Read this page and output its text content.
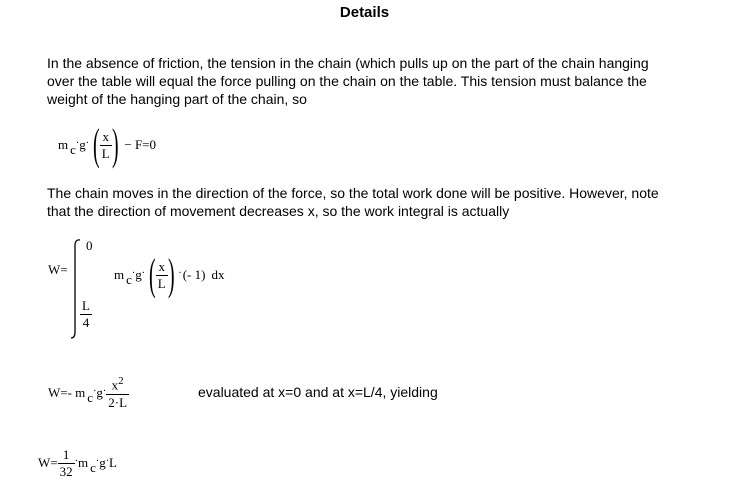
Details
In the absence of friction, the tension in the chain (which pulls up on the part of the chain hanging
over the table will equal the force pulling on the chain on the table. This tension must balance the
weight of the hanging part of the chain, so
m c · g · ( $\frac{x}{L}$ ) − F=0
The chain moves in the direction of the force, so the total work done will be positive. However, note
that the direction of movement decreases x, so the work integral is actually
W=
0
$\frac{L}{4}$
m c · g · ( $\frac{x}{L}$ ) · (- 1) dx
W=- m $c \cdot g \cdot \frac{x^2}{2\cdot L}$	evaluated at x=0 and at x=L/4, yielding
$W= \frac{1}{32} \cdot m$ c · g · L
